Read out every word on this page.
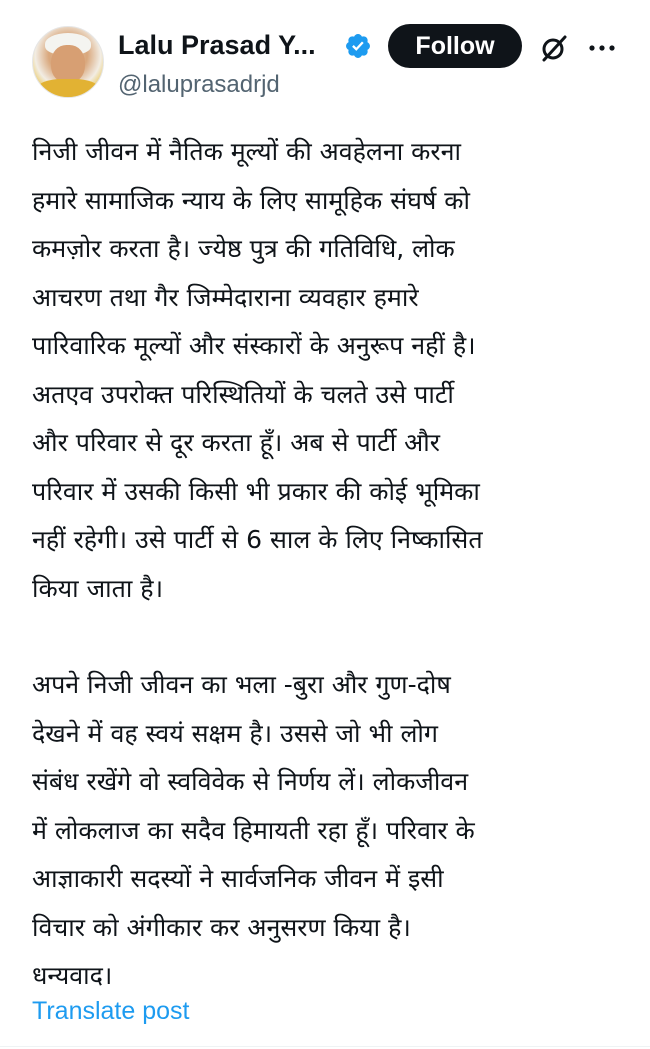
Lalu Prasad Y...
@laluprasadrjd
Follow

निजी जीवन में नैतिक मूल्यों की अवहेलना करना
हमारे सामाजिक न्याय के लिए सामूहिक संघर्ष को
कमज़ोर करता है। ज्येष्ठ पुत्र की गतिविधि, लोक
आचरण तथा गैर जिम्मेदाराना व्यवहार हमारे
पारिवारिक मूल्यों और संस्कारों के अनुरूप नहीं है।
अतएव उपरोक्त परिस्थितियों के चलते उसे पार्टी
और परिवार से दूर करता हूँ। अब से पार्टी और
परिवार में उसकी किसी भी प्रकार की कोई भूमिका
नहीं रहेगी। उसे पार्टी से 6 साल के लिए निष्कासित
किया जाता है।

अपने निजी जीवन का भला -बुरा और गुण-दोष
देखने में वह स्वयं सक्षम है। उससे जो भी लोग
संबंध रखेंगे वो स्वविवेक से निर्णय लें। लोकजीवन
में लोकलाज का सदैव हिमायती रहा हूँ। परिवार के
आज्ञाकारी सदस्यों ने सार्वजनिक जीवन में इसी
विचार को अंगीकार कर अनुसरण किया है।
धन्यवाद।

Translate post
